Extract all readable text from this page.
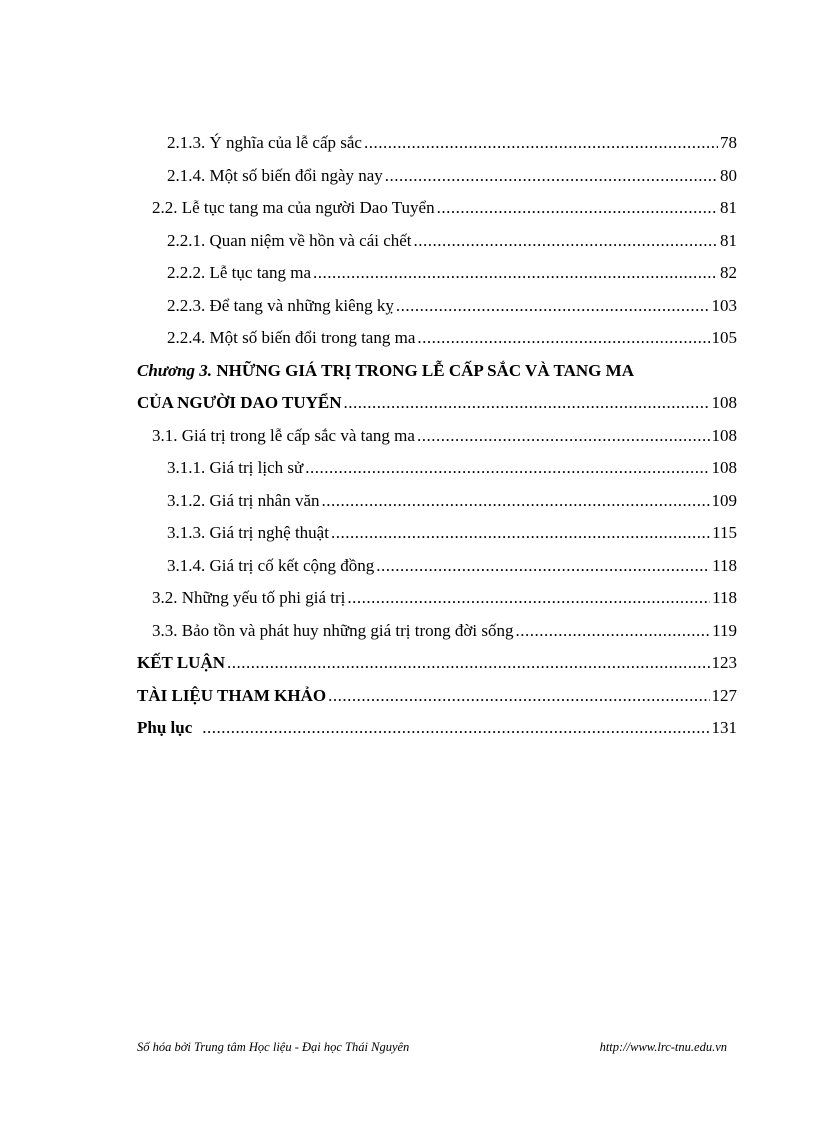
2.1.3. Ý nghĩa của lễ cấp sắc .....	78
2.1.4. Một số biến đổi ngày nay .....	80
2.2. Lễ tục tang ma của người Dao Tuyển .....	81
2.2.1. Quan niệm về hồn và cái chết .....	81
2.2.2. Lễ tục tang ma .....	82
2.2.3. Để tang và những kiêng kỵ .....	103
2.2.4. Một số biến đổi trong tang ma .....	105
Chương 3. NHỮNG GIÁ TRỊ TRONG LỄ CẤP SẮC VÀ TANG MA
CỦA NGƯỜI DAO TUYỂN .....	108
3.1. Giá trị trong lễ cấp sắc và tang ma .....	108
3.1.1. Giá trị lịch sử .....	108
3.1.2. Giá trị nhân văn .....	109
3.1.3. Giá trị nghệ thuật .....	115
3.1.4. Giá trị cố kết cộng đồng .....	118
3.2. Những yếu tố phi giá trị .....	118
3.3. Bảo tồn và phát huy những giá trị trong đời sống .....	119
KẾT LUẬN .....	123
TÀI LIỆU THAM KHẢO .....	127
Phụ lục .....	131
Số hóa bởi Trung tâm Học liệu - Đại học Thái Nguyên	http://www.lrc-tnu.edu.vn
